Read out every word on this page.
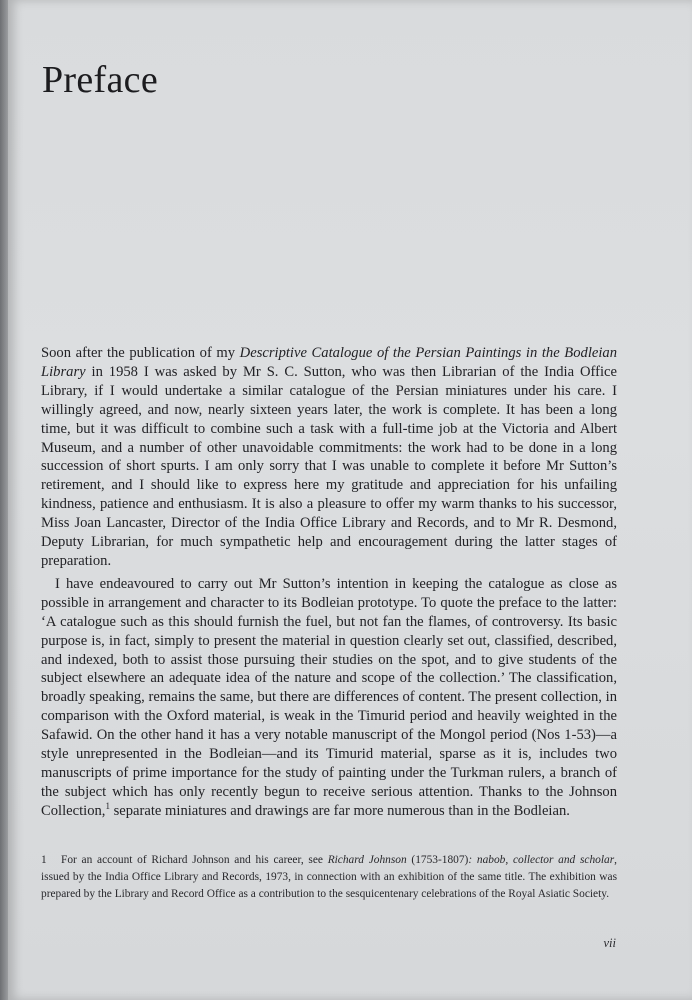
Preface

Soon after the publication of my Descriptive Catalogue of the Persian Paintings in the Bodleian Library in 1958 I was asked by Mr S. C. Sutton, who was then Librarian of the India Office Library, if I would undertake a similar catalogue of the Persian miniatures under his care. I willingly agreed, and now, nearly sixteen years later, the work is complete. It has been a long time, but it was difficult to combine such a task with a full-time job at the Victoria and Albert Museum, and a number of other unavoidable commitments: the work had to be done in a long succession of short spurts. I am only sorry that I was unable to complete it before Mr Sutton’s retirement, and I should like to express here my gratitude and appreciation for his unfailing kindness, patience and enthusiasm. It is also a pleasure to offer my warm thanks to his successor, Miss Joan Lancaster, Director of the India Office Library and Records, and to Mr R. Desmond, Deputy Librarian, for much sympathetic help and encouragement during the latter stages of preparation.

I have endeavoured to carry out Mr Sutton’s intention in keeping the catalogue as close as possible in arrangement and character to its Bodleian prototype. To quote the preface to the latter: ‘A catalogue such as this should furnish the fuel, but not fan the flames, of controversy. Its basic purpose is, in fact, simply to present the material in question clearly set out, classified, described, and indexed, both to assist those pursuing their studies on the spot, and to give students of the subject elsewhere an adequate idea of the nature and scope of the collection.’ The classification, broadly speaking, remains the same, but there are differences of content. The present collection, in comparison with the Oxford material, is weak in the Timurid period and heavily weighted in the Safawid. On the other hand it has a very notable manuscript of the Mongol period (Nos 1-53)—a style unrepresented in the Bodleian—and its Timurid material, sparse as it is, includes two manuscripts of prime importance for the study of painting under the Turkman rulers, a branch of the subject which has only recently begun to receive serious attention. Thanks to the Johnson Collection,$^1$ separate miniatures and drawings are far more numerous than in the Bodleian.

1 For an account of Richard Johnson and his career, see Richard Johnson (1753-1807): nabob, collector and scholar, issued by the India Office Library and Records, 1973, in connection with an exhibition of the same title. The exhibition was prepared by the Library and Record Office as a contribution to the sesquicentenary celebrations of the Royal Asiatic Society.

vii
